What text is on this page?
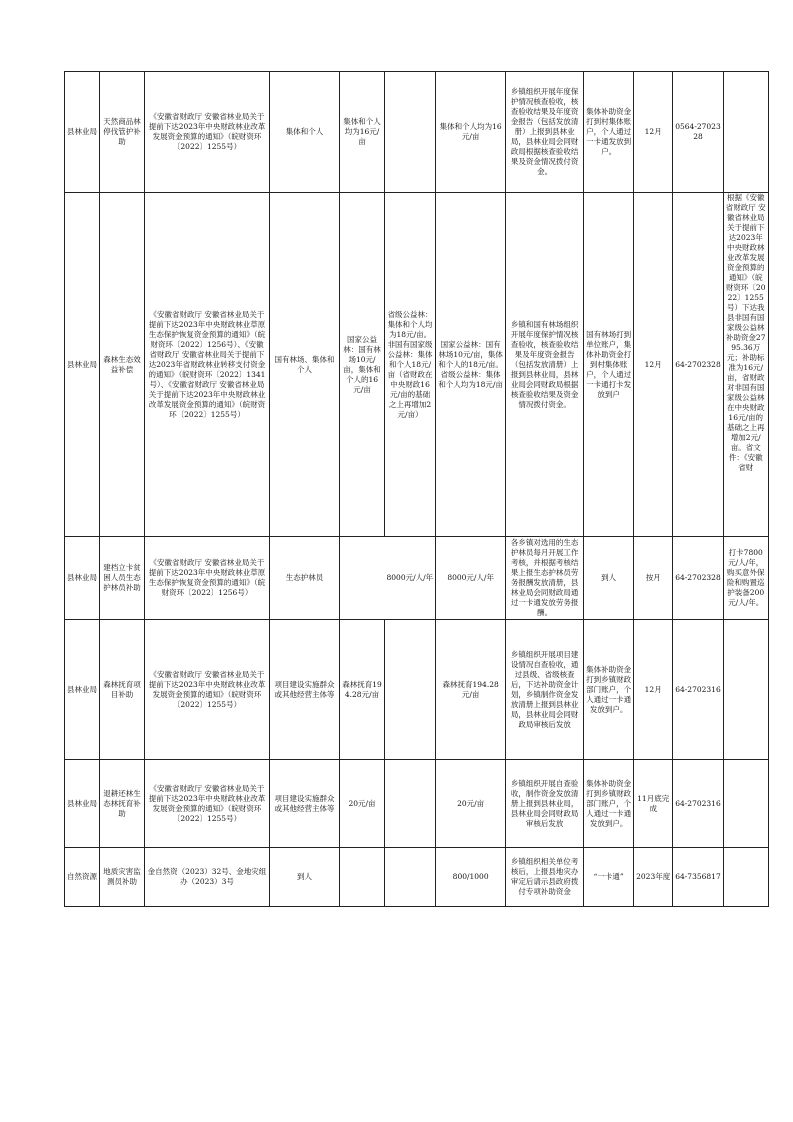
县林业局	天然商品林停伐管护补助	《安徽省财政厅 安徽省林业局关于提前下达2023年中央财政林业改革发展资金预算的通知》（皖财资环〔2022〕1255号）	集体和个人	集体和个人均为16元/亩		集体和个人均为16元/亩	乡镇组织开展年度保护情况核查验收，核查验收结果及年度资金报告（包括发放清册）上报到县林业局，县林业局会同财政局根据核查验收结果及资金情况拨付资金。	集体补助资金打到村集体账户，个人通过一卡通发放到户。	12月	0564-2702328	
县林业局	森林生态效益补偿	《安徽省财政厅 安徽省林业局关于提前下达2023年中央财政林业草原生态保护恢复资金预算的通知》（皖财资环〔2022〕1256号）、《安徽省财政厅 安徽省林业局关于提前下达2023年省财政林业转移支付资金的通知》（皖财资环〔2022〕1341号）、《安徽省财政厅 安徽省林业局关于提前下达2023年中央财政林业改革发展资金预算的通知》（皖财资环〔2022〕1255号）	国有林场、集体和个人	国家公益林：国有林场10元/亩，集体和个人的16元/亩	省级公益林：集体和个人均为18元/亩。非国有国家级公益林：集体和个人18元/亩（省财政在中央财政16元/亩的基础之上再增加2元/亩）	国家公益林：国有林场10元/亩，集体和个人的18元/亩。省级公益林：集体和个人均为18元/亩	乡镇和国有林场组织开展年度保护情况核查验收，核查验收结果及年度资金报告（包括发放清册）上报到县林业局，县林业局会同财政局根据核查验收结果及资金情况拨付资金。	国有林场打到单位账户，集体补助资金打到村集体账户，个人通过一卡通打卡发放到户	12月	64-2702328	根据《安徽省财政厅 安徽省林业局关于提前下达2023年中央财政林业改革发展资金预算的通知》（皖财资环〔2022〕1255号）下达我县非国有国家级公益林补助资金2795.36万元；补助标准为16元/亩，省财政对非国有国家级公益林在中央财政16元/亩的基础之上再增加2元/亩。省文件：《安徽省财
县林业局	建档立卡贫困人员生态护林员补助	《安徽省财政厅 安徽省林业局关于提前下达2023年中央财政林业草原生态保护恢复资金预算的通知》（皖财资环〔2022〕1256号）	生态护林员		8000元/人/年	8000元/人/年	各乡镇对选用的生态护林员每月开展工作考核，并根据考核结果上报生态护林员劳务报酬发放清册，县林业局会同财政局通过一卡通发放劳务报酬。	到人	按月	64-2702328	打卡7800元/人/年，购买意外保险和购置巡护装备200元/人/年。
县林业局	森林抚育项目补助	《安徽省财政厅 安徽省林业局关于提前下达2023年中央财政林业改革发展资金预算的通知》（皖财资环〔2022〕1255号）	项目建设实施群众或其他经营主体等	森林抚育194.28元/亩		森林抚育194.28元/亩	乡镇组织开展项目建设情况自查验收，通过县级、省级核查后，下达补助资金计划，乡镇制作资金发放清册上报到县林业局，县林业局会同财政局审核后发放	集体补助资金打到乡镇财政部门账户，个人通过一卡通发放到户。	12月	64-2702316	
县林业局	退耕还林生态林抚育补助	《安徽省财政厅 安徽省林业局关于提前下达2023年中央财政林业改革发展资金预算的通知》（皖财资环〔2022〕1255号）	项目建设实施群众或其他经营主体等	20元/亩		20元/亩	乡镇组织开展自查验收，制作资金发放清册上报到县林业局，县林业局会同财政局审核后发放	集体补助资金打到乡镇财政部门账户，个人通过一卡通发放到户。	11月底完成	64-2702316	
自然资源	地质灾害监测员补助	金自然资（2023）32号、金地灾组办（2023）3号	到人			800/1000	乡镇组织相关单位考核后，上报县地灾办审定后请示县政府拨付专项补助资金	“一卡通”	2023年度	64-7356817	
